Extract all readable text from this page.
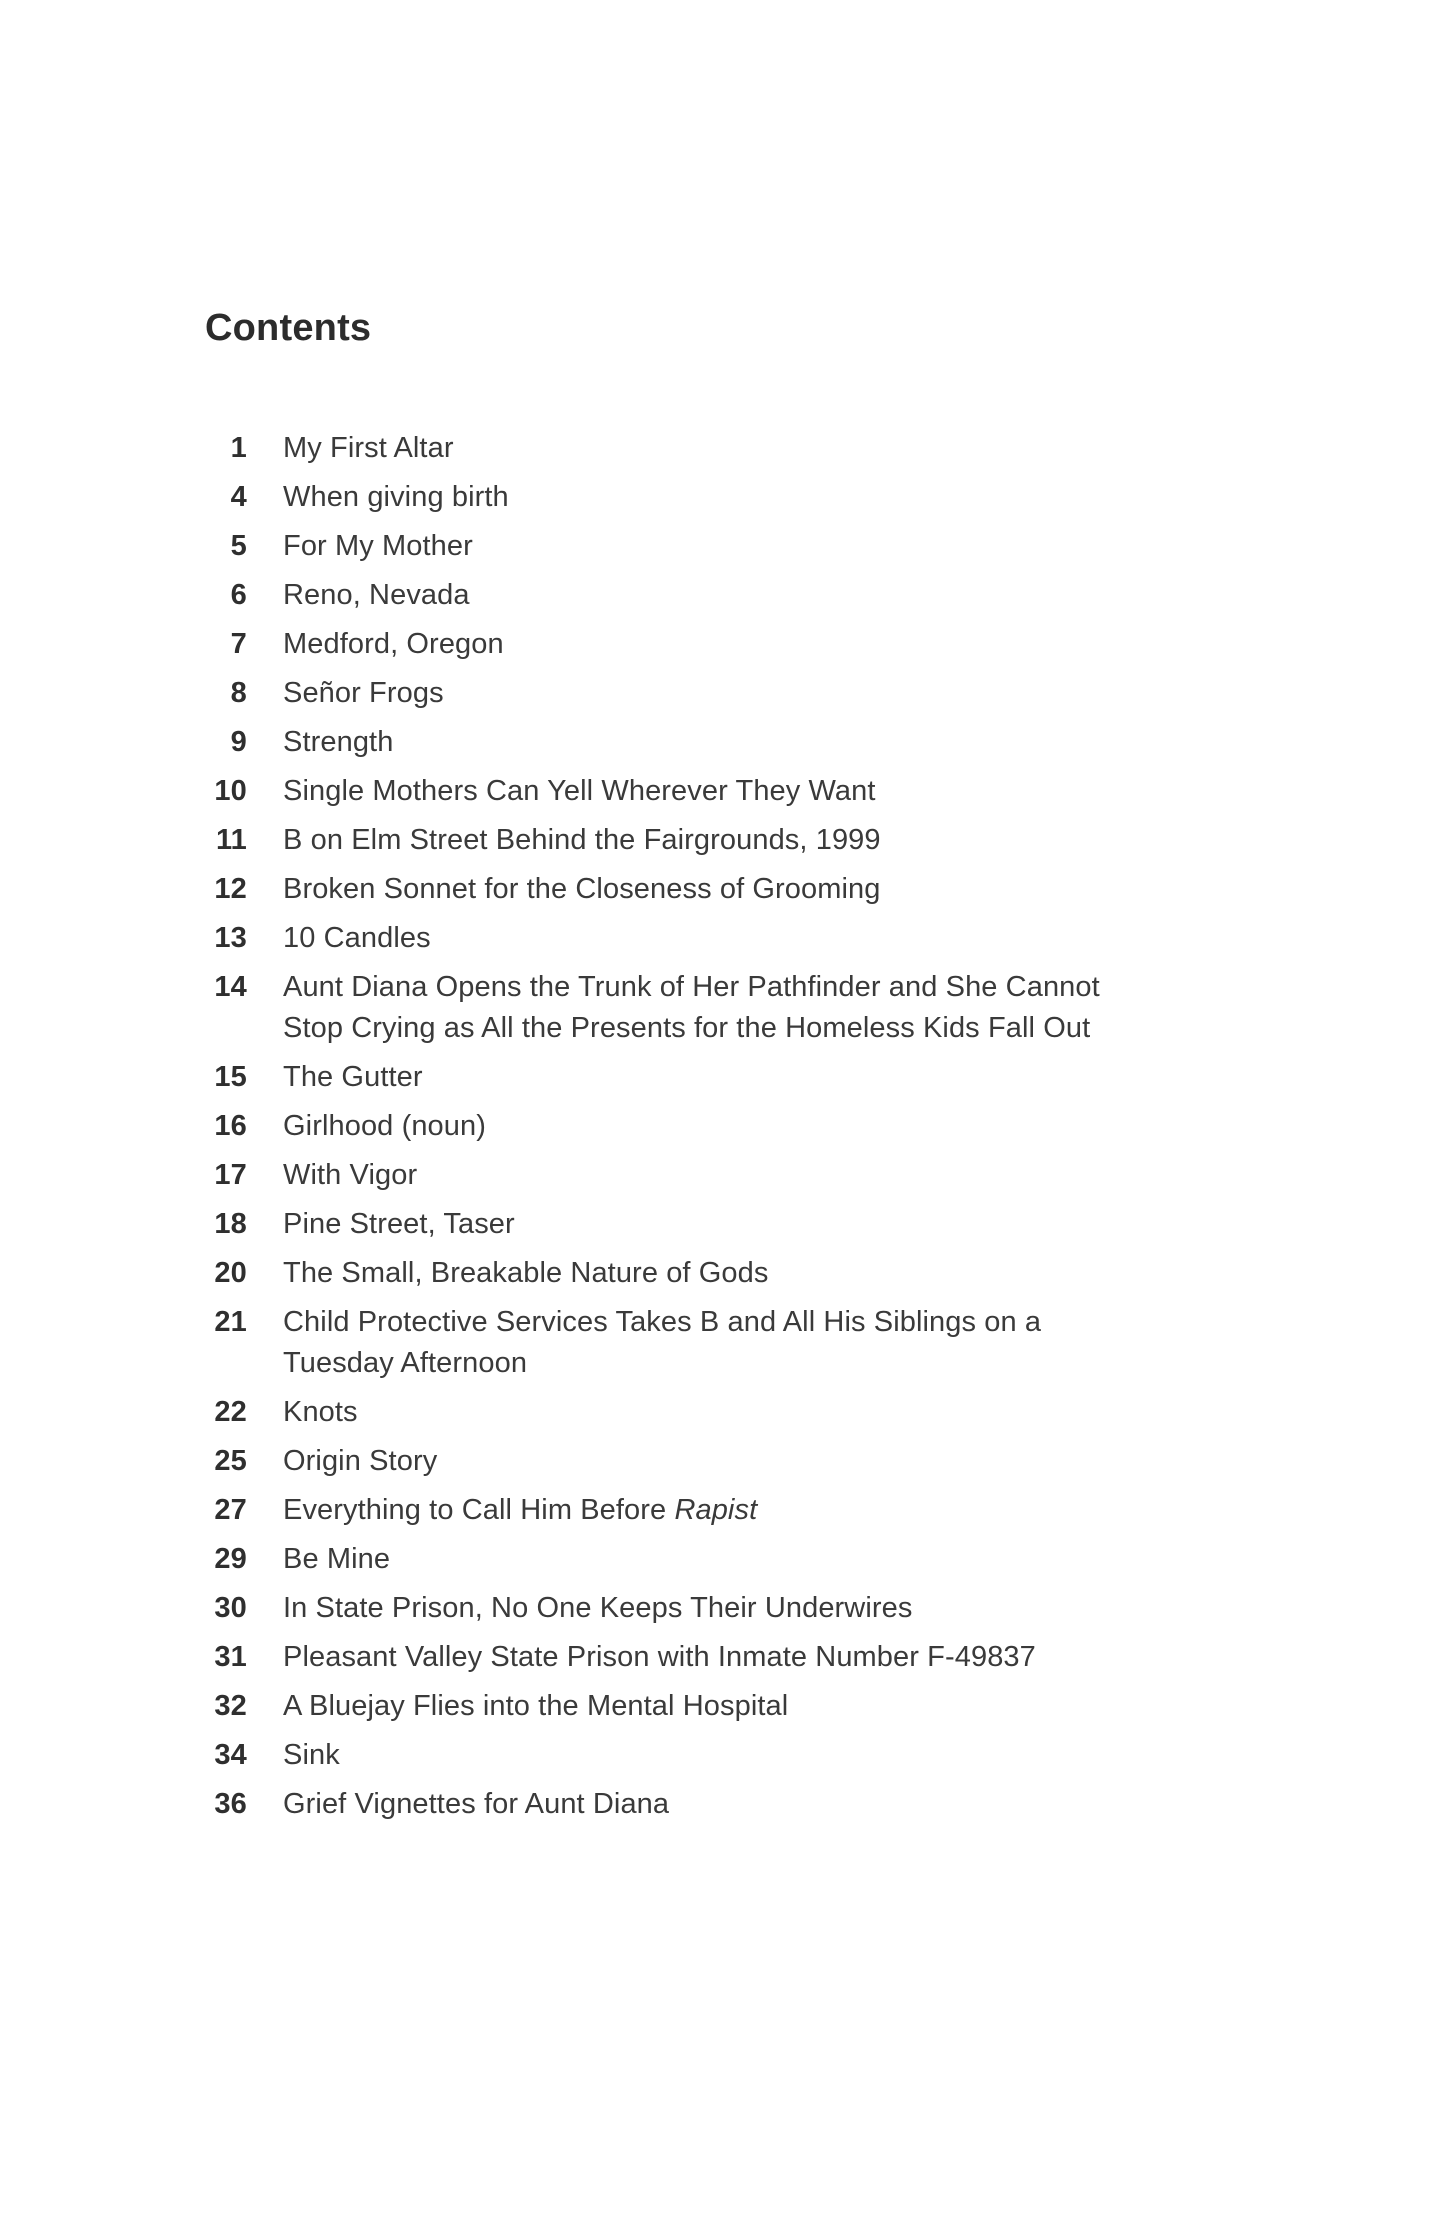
Contents
1 My First Altar
4 When giving birth
5 For My Mother
6 Reno, Nevada
7 Medford, Oregon
8 Señor Frogs
9 Strength
10 Single Mothers Can Yell Wherever They Want
11 B on Elm Street Behind the Fairgrounds, 1999
12 Broken Sonnet for the Closeness of Grooming
13 10 Candles
14 Aunt Diana Opens the Trunk of Her Pathfinder and She Cannot
Stop Crying as All the Presents for the Homeless Kids Fall Out
15 The Gutter
16 Girlhood (noun)
17 With Vigor
18 Pine Street, Taser
20 The Small, Breakable Nature of Gods
21 Child Protective Services Takes B and All His Siblings on a
Tuesday Afternoon
22 Knots
25 Origin Story
27 Everything to Call Him Before Rapist
29 Be Mine
30 In State Prison, No One Keeps Their Underwires
31 Pleasant Valley State Prison with Inmate Number F-49837
32 A Bluejay Flies into the Mental Hospital
34 Sink
36 Grief Vignettes for Aunt Diana
